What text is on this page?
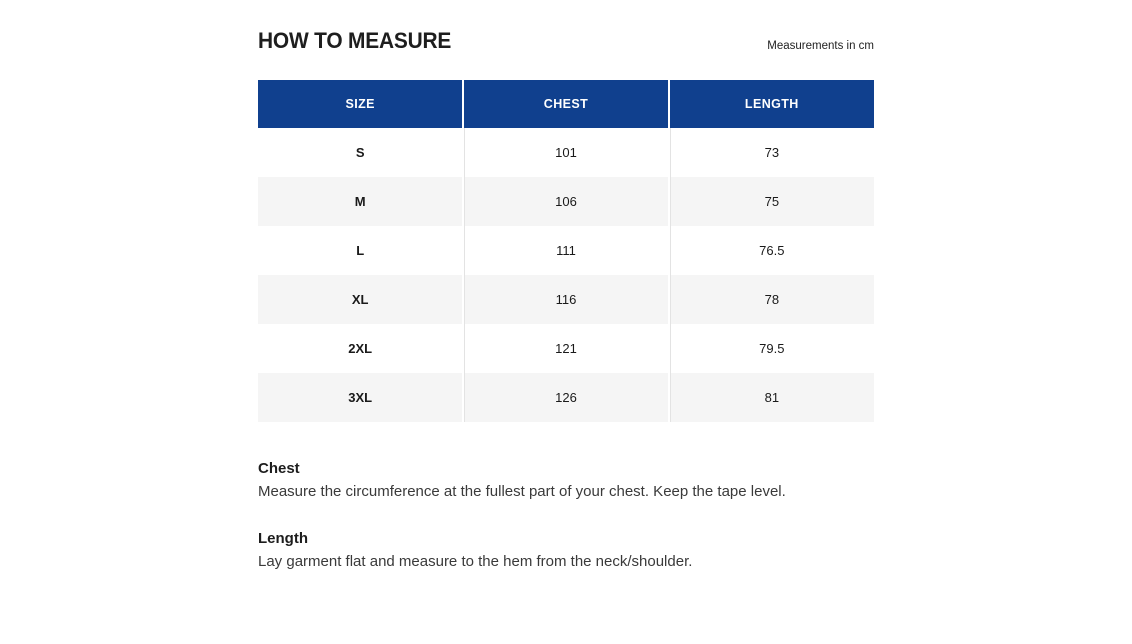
HOW TO MEASURE	Measurements in cm
SIZE	CHEST	LENGTH
S	101	73
M	106	75
L	111	76.5
XL	116	78
2XL	121	79.5
3XL	126	81
Chest
Measure the circumference at the fullest part of your chest. Keep the tape level.
Length
Lay garment flat and measure to the hem from the neck/shoulder.
